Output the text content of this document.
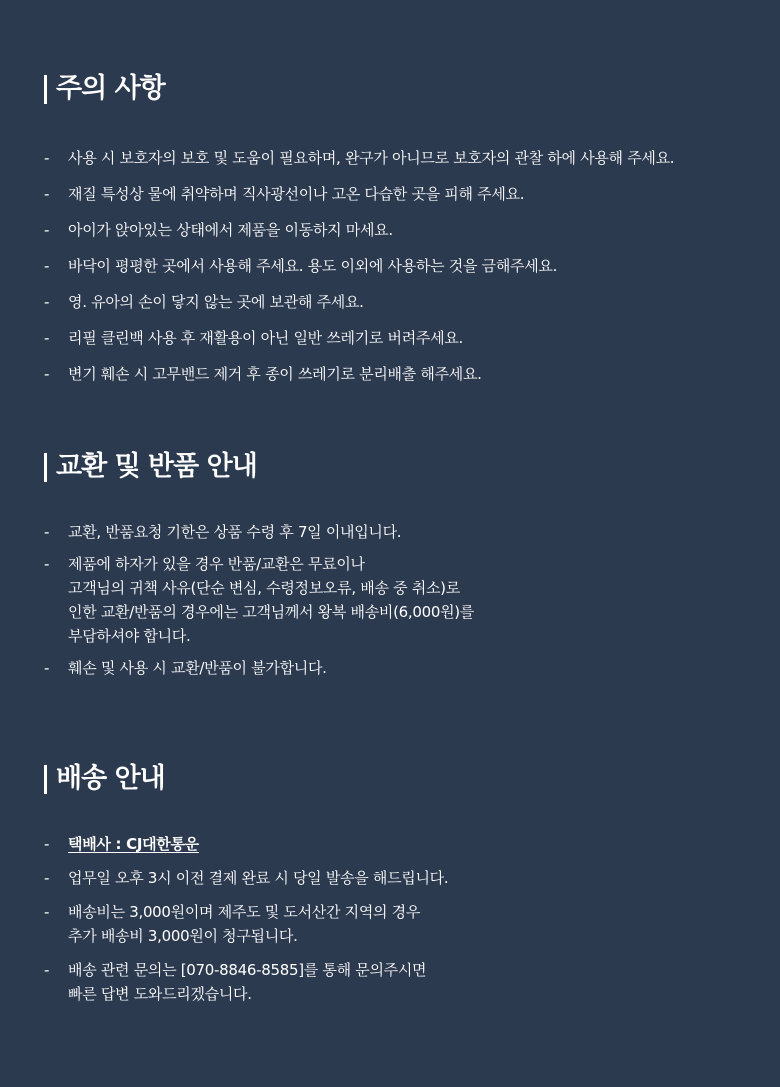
주의 사항
-	사용 시 보호자의 보호 및 도움이 필요하며, 완구가 아니므로 보호자의 관찰 하에 사용해 주세요.
-	재질 특성상 물에 취약하며 직사광선이나 고온 다습한 곳을 피해 주세요.
-	아이가 앉아있는 상태에서 제품을 이동하지 마세요.
-	바닥이 평평한 곳에서 사용해 주세요. 용도 이외에 사용하는 것을 금해주세요.
-	영. 유아의 손이 닿지 않는 곳에 보관해 주세요.
-	리필 클린백 사용 후 재활용이 아닌 일반 쓰레기로 버려주세요.
-	변기 훼손 시 고무밴드 제거 후 종이 쓰레기로 분리배출 해주세요.
교환 및 반품 안내
-	교환, 반품요청 기한은 상품 수령 후 7일 이내입니다.
-	제품에 하자가 있을 경우 반품/교환은 무료이나
고객님의 귀책 사유(단순 변심, 수령정보오류, 배송 중 취소)로
인한 교환/반품의 경우에는 고객님께서 왕복 배송비(6,000원)를
부담하셔야 합니다.
-	훼손 및 사용 시 교환/반품이 불가합니다.
배송 안내
-	택배사 : CJ대한통운
-	업무일 오후 3시 이전 결제 완료 시 당일 발송을 해드립니다.
-	배송비는 3,000원이며 제주도 및 도서산간 지역의 경우
추가 배송비 3,000원이 청구됩니다.
-	배송 관련 문의는 [070-8846-8585]를 통해 문의주시면
빠른 답변 도와드리겠습니다.
